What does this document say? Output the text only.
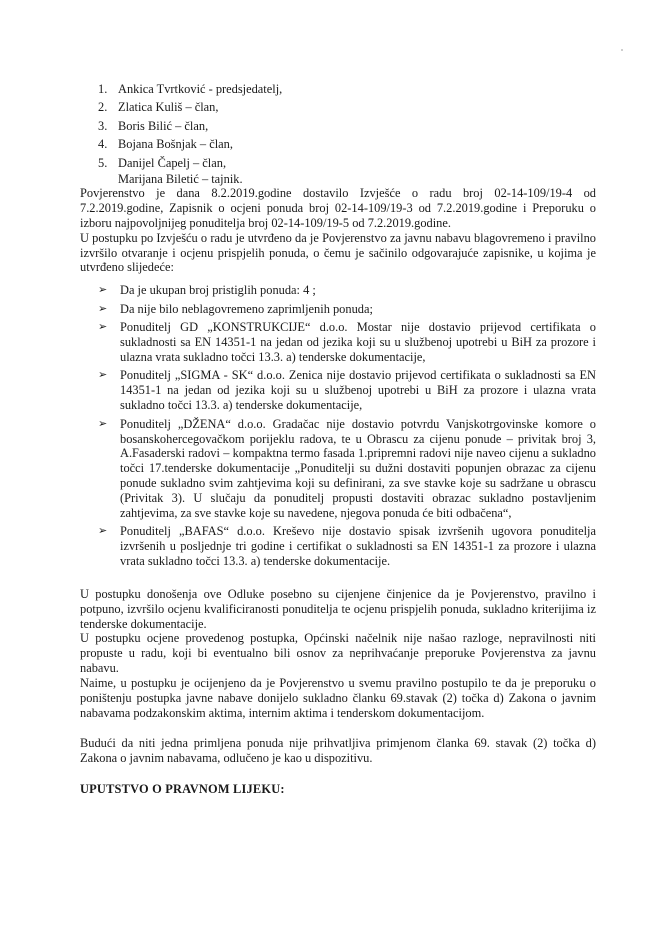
1. Ankica Tvrtković - predsjedatelj,
2. Zlatica Kuliš – član,
3. Boris Bilić – član,
4. Bojana Bošnjak – član,
5. Danijel Čapelj – član,
Marijana Biletić – tajnik.

Povjerenstvo je dana 8.2.2019.godine dostavilo Izvješće o radu broj 02-14-109/19-4 od 7.2.2019.godine, Zapisnik o ocjeni ponuda broj 02-14-109/19-3 od 7.2.2019.godine i Preporuku o izboru najpovoljnijeg ponuditelja broj 02-14-109/19-5 od 7.2.2019.godine.

U postupku po Izvješću o radu je utvrđeno da je Povjerenstvo za javnu nabavu blagovremeno i pravilno izvršilo otvaranje i ocjenu prispjelih ponuda, o čemu je sačinilo odgovarajuće zapisnike, u kojima je utvrđeno slijedeće:

➢ Da je ukupan broj pristiglih ponuda: 4 ;
➢ Da nije bilo neblagovremeno zaprimljenih ponuda;
➢ Ponuditelj GD „KONSTRUKCIJE“ d.o.o. Mostar nije dostavio prijevod certifikata o sukladnosti sa EN 14351-1 na jedan od jezika koji su u službenoj upotrebi u BiH za prozore i ulazna vrata sukladno točci 13.3. a) tenderske dokumentacije,
➢ Ponuditelj „SIGMA - SK“ d.o.o. Zenica nije dostavio prijevod certifikata o sukladnosti sa EN 14351-1 na jedan od jezika koji su u službenoj upotrebi u BiH za prozore i ulazna vrata sukladno točci 13.3. a) tenderske dokumentacije,
➢ Ponuditelj „DŽENA“ d.o.o. Gradačac nije dostavio potvrdu Vanjskotrgovinske komore o bosanskohercegovačkom porijeklu radova, te u Obrascu za cijenu ponude – privitak broj 3, A.Fasaderski radovi – kompaktna termo fasada 1.pripremni radovi nije naveo cijenu a sukladno točci 17.tenderske dokumentacije „Ponuditelji su dužni dostaviti popunjen obrazac za cijenu ponude sukladno svim zahtjevima koji su definirani, za sve stavke koje su sadržane u obrascu (Privitak 3). U slučaju da ponuditelj propusti dostaviti obrazac sukladno postavljenim zahtjevima, za sve stavke koje su navedene, njegova ponuda će biti odbačena“,
➢ Ponuditelj „BAFAS“ d.o.o. Kreševo nije dostavio spisak izvršenih ugovora ponuditelja izvršenih u posljednje tri godine i certifikat o sukladnosti sa EN 14351-1 za prozore i ulazna vrata sukladno točci 13.3. a) tenderske dokumentacije.

U postupku donošenja ove Odluke posebno su cijenjene činjenice da je Povjerenstvo, pravilno i potpuno, izvršilo ocjenu kvalificiranosti ponuditelja te ocjenu prispjelih ponuda, sukladno kriterijima iz tenderske dokumentacije.

U postupku ocjene provedenog postupka, Općinski načelnik nije našao razloge, nepravilnosti niti propuste u radu, koji bi eventualno bili osnov za neprihvaćanje preporuke Povjerenstva za javnu nabavu.

Naime, u postupku je ocijenjeno da je Povjerenstvo u svemu pravilno postupilo te da je preporuku o poništenju postupka javne nabave donijelo sukladno članku 69.stavak (2) točka d) Zakona o javnim nabavama podzakonskim aktima, internim aktima i tenderskom dokumentacijom.

Budući da niti jedna primljena ponuda nije prihvatljiva primjenom članka 69. stavak (2) točka d) Zakona o javnim nabavama, odlučeno je kao u dispozitivu.

UPUTSTVO O PRAVNOM LIJEKU:
